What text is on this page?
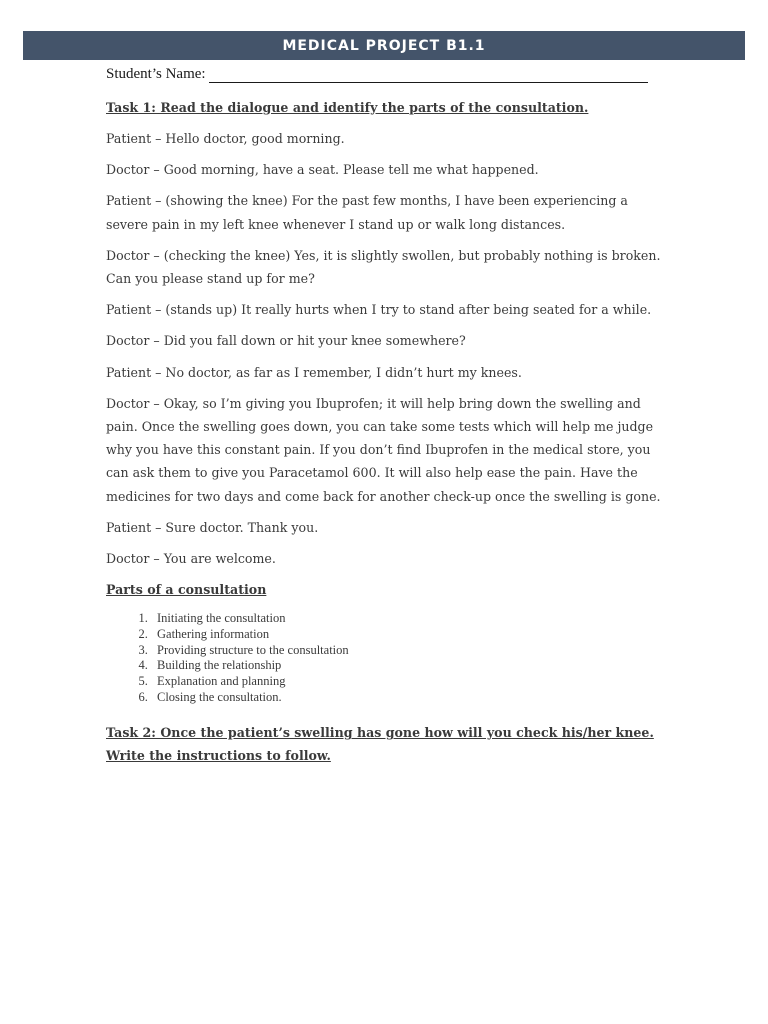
MEDICAL PROJECT B1.1
Student’s Name:
Task 1: Read the dialogue and identify the parts of the consultation.

Patient – Hello doctor, good morning.

Doctor – Good morning, have a seat. Please tell me what happened.

Patient – (showing the knee) For the past few months, I have been experiencing a severe pain in my left knee whenever I stand up or walk long distances.

Doctor – (checking the knee) Yes, it is slightly swollen, but probably nothing is broken. Can you please stand up for me?

Patient – (stands up) It really hurts when I try to stand after being seated for a while.

Doctor – Did you fall down or hit your knee somewhere?

Patient – No doctor, as far as I remember, I didn’t hurt my knees.

Doctor – Okay, so I’m giving you Ibuprofen; it will help bring down the swelling and pain. Once the swelling goes down, you can take some tests which will help me judge why you have this constant pain. If you don’t find Ibuprofen in the medical store, you can ask them to give you Paracetamol 600. It will also help ease the pain. Have the medicines for two days and come back for another check-up once the swelling is gone.

Patient – Sure doctor. Thank you.

Doctor – You are welcome.

Parts of a consultation
1. Initiating the consultation
2. Gathering information
3. Providing structure to the consultation
4. Building the relationship
5. Explanation and planning
6. Closing the consultation.
Task 2: Once the patient’s swelling has gone how will you check his/her knee. Write the instructions to follow.
